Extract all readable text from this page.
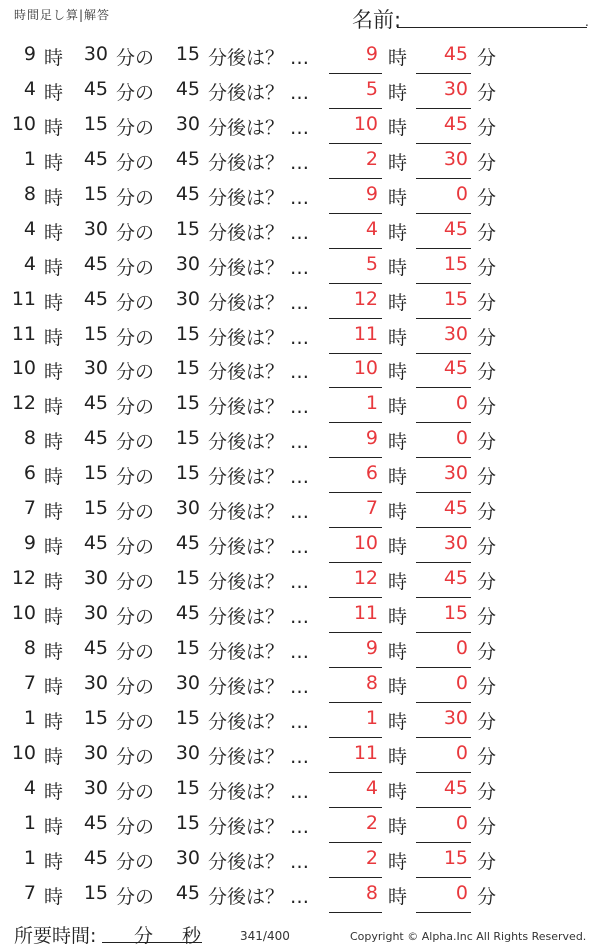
時間足し算|解答	名前:	.
9 時	30 分の	15 分後は？ …	9 時	45 分
4 時	45 分の	45 分後は？ …	5 時	30 分
10 時	15 分の	30 分後は？ …	10 時	45 分
1 時	45 分の	45 分後は？ …	2 時	30 分
8 時	15 分の	45 分後は？ …	9 時	0 分
4 時	30 分の	15 分後は？ …	4 時	45 分
4 時	45 分の	30 分後は？ …	5 時	15 分
11 時	45 分の	30 分後は？ …	12 時	15 分
11 時	15 分の	15 分後は？ …	11 時	30 分
10 時	30 分の	15 分後は？ …	10 時	45 分
12 時	45 分の	15 分後は？ …	1 時	0 分
8 時	45 分の	15 分後は？ …	9 時	0 分
6 時	15 分の	15 分後は？ …	6 時	30 分
7 時	15 分の	30 分後は？ …	7 時	45 分
9 時	45 分の	45 分後は？ …	10 時	30 分
12 時	30 分の	15 分後は？ …	12 時	45 分
10 時	30 分の	45 分後は？ …	11 時	15 分
8 時	45 分の	15 分後は？ …	9 時	0 分
7 時	30 分の	30 分後は？ …	8 時	0 分
1 時	15 分の	15 分後は？ …	1 時	30 分
10 時	30 分の	30 分後は？ …	11 時	0 分
4 時	30 分の	15 分後は？ …	4 時	45 分
1 時	45 分の	15 分後は？ …	2 時	0 分
1 時	45 分の	30 分後は？ …	2 時	15 分
7 時	15 分の	45 分後は？ …	8 時	0 分
所要時間: 分 秒	341/400	Copyright © Alpha.Inc All Rights Reserved.
